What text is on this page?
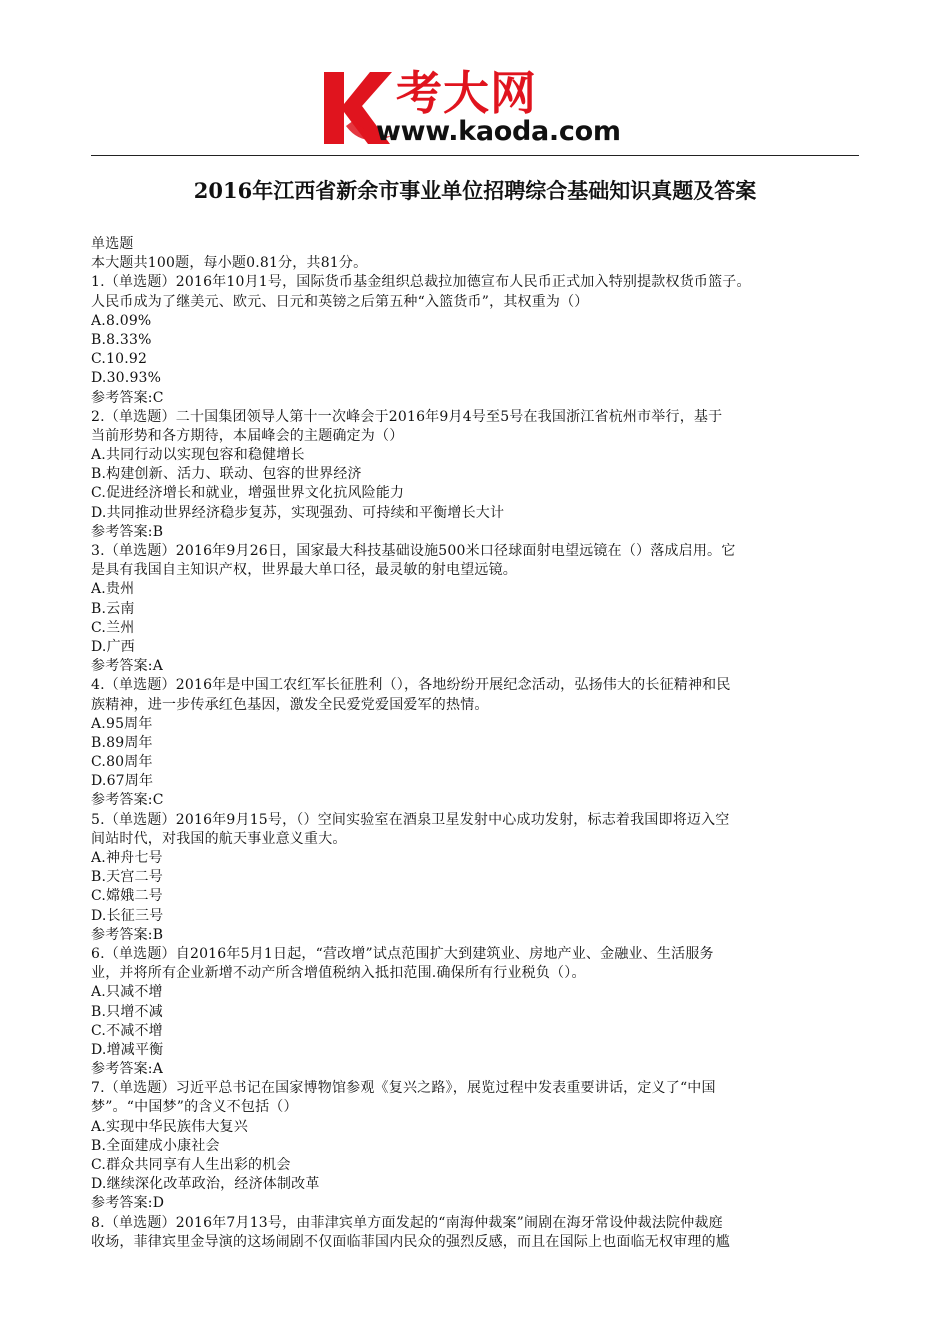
考大网
www.kaoda.com
2016年江西省新余市事业单位招聘综合基础知识真题及答案
单选题
本大题共100题，每小题0.81分，共81分。
1.（单选题）2016年10月1号，国际货币基金组织总裁拉加德宣布人民币正式加入特别提款权货币篮子。
人民币成为了继美元、欧元、日元和英镑之后第五种“入篮货币”，其权重为（）
A.8.09%
B.8.33%
C.10.92
D.30.93%
参考答案:C
2.（单选题）二十国集团领导人第十一次峰会于2016年9月4号至5号在我国浙江省杭州市举行，基于
当前形势和各方期待，本届峰会的主题确定为（）
A.共同行动以实现包容和稳健增长
B.构建创新、活力、联动、包容的世界经济
C.促进经济增长和就业，增强世界文化抗风险能力
D.共同推动世界经济稳步复苏，实现强劲、可持续和平衡增长大计
参考答案:B
3.（单选题）2016年9月26日，国家最大科技基础设施500米口径球面射电望远镜在（）落成启用。它
是具有我国自主知识产权，世界最大单口径，最灵敏的射电望远镜。
A.贵州
B.云南
C.兰州
D.广西
参考答案:A
4.（单选题）2016年是中国工农红军长征胜利（），各地纷纷开展纪念活动，弘扬伟大的长征精神和民
族精神，进一步传承红色基因，激发全民爱党爱国爱军的热情。
A.95周年
B.89周年
C.80周年
D.67周年
参考答案:C
5.（单选题）2016年9月15号，（）空间实验室在酒泉卫星发射中心成功发射，标志着我国即将迈入空
间站时代，对我国的航天事业意义重大。
A.神舟七号
B.天宫二号
C.嫦娥二号
D.长征三号
参考答案:B
6.（单选题）自2016年5月1日起，“营改增”试点范围扩大到建筑业、房地产业、金融业、生活服务
业，并将所有企业新增不动产所含增值税纳入抵扣范围.确保所有行业税负（）。
A.只减不增
B.只增不减
C.不减不增
D.增减平衡
参考答案:A
7.（单选题）习近平总书记在国家博物馆参观《复兴之路》，展览过程中发表重要讲话，定义了“中国
梦”。“中国梦”的含义不包括（）
A.实现中华民族伟大复兴
B.全面建成小康社会
C.群众共同享有人生出彩的机会
D.继续深化改革政治，经济体制改革
参考答案:D
8.（单选题）2016年7月13号，由菲津宾单方面发起的“南海仲裁案”闹剧在海牙常设仲裁法院仲裁庭
收场，菲律宾里金导演的这场闹剧不仅面临菲国内民众的强烈反感，而且在国际上也面临无权审理的尴
